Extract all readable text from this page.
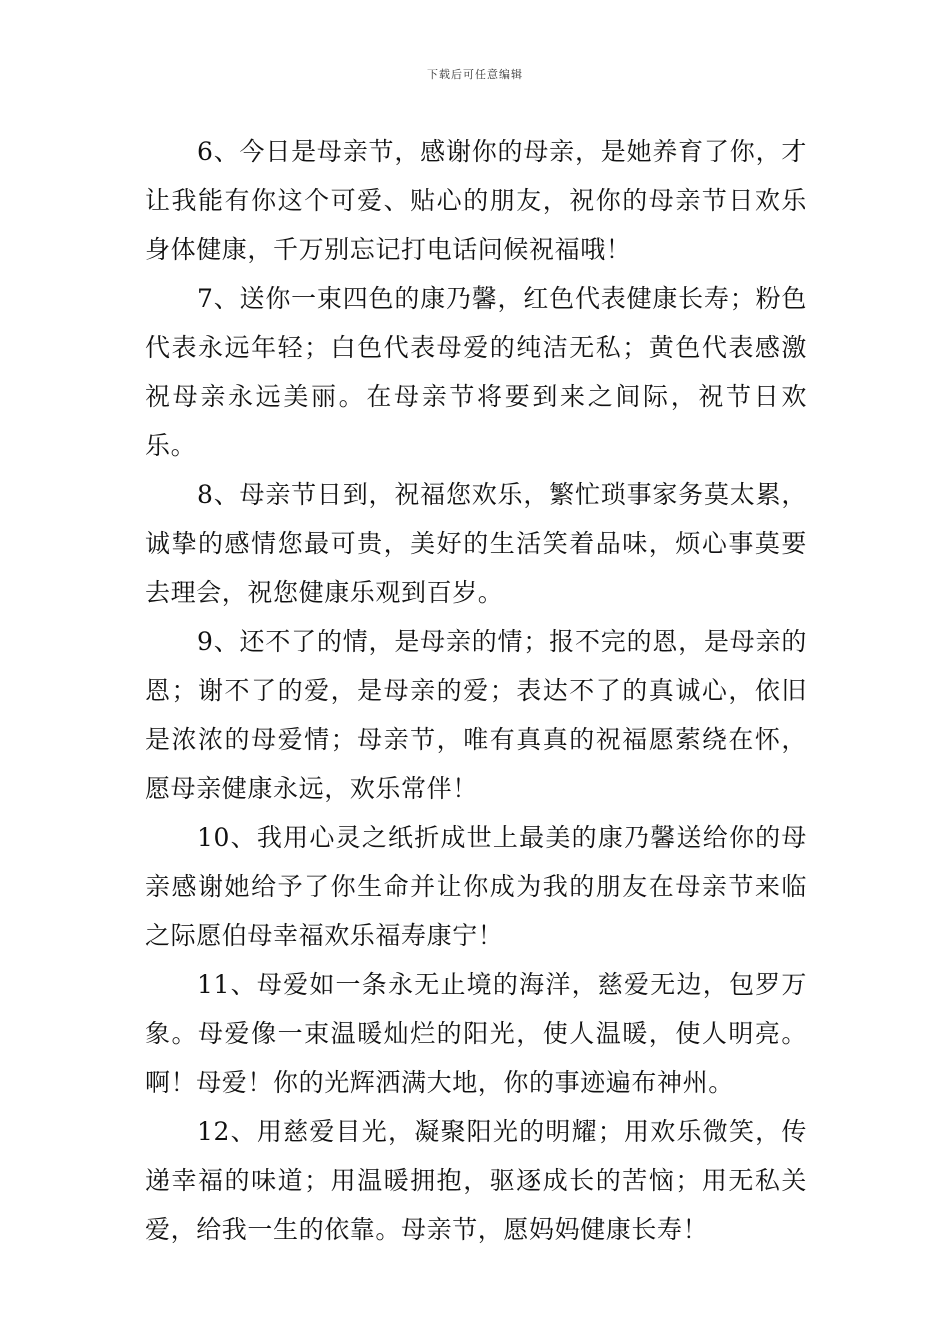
下载后可任意编辑

6、今日是母亲节，感谢你的母亲，是她养育了你，才让我能有你这个可爱、贴心的朋友，祝你的母亲节日欢乐身体健康，千万别忘记打电话问候祝福哦！

7、送你一束四色的康乃馨，红色代表健康长寿；粉色代表永远年轻；白色代表母爱的纯洁无私；黄色代表感激祝母亲永远美丽。在母亲节将要到来之间际，祝节日欢乐。

8、母亲节日到，祝福您欢乐，繁忙琐事家务莫太累，诚挚的感情您最可贵，美好的生活笑着品味，烦心事莫要去理会，祝您健康乐观到百岁。

9、还不了的情，是母亲的情；报不完的恩，是母亲的恩；谢不了的爱，是母亲的爱；表达不了的真诚心，依旧是浓浓的母爱情；母亲节，唯有真真的祝福愿萦绕在怀，愿母亲健康永远，欢乐常伴！

10、我用心灵之纸折成世上最美的康乃馨送给你的母亲感谢她给予了你生命并让你成为我的朋友在母亲节来临之际愿伯母幸福欢乐福寿康宁！

11、母爱如一条永无止境的海洋，慈爱无边，包罗万象。母爱像一束温暖灿烂的阳光，使人温暖，使人明亮。啊！母爱！你的光辉洒满大地，你的事迹遍布神州。

12、用慈爱目光，凝聚阳光的明耀；用欢乐微笑，传递幸福的味道；用温暖拥抱，驱逐成长的苦恼；用无私关爱，给我一生的依靠。母亲节，愿妈妈健康长寿！
